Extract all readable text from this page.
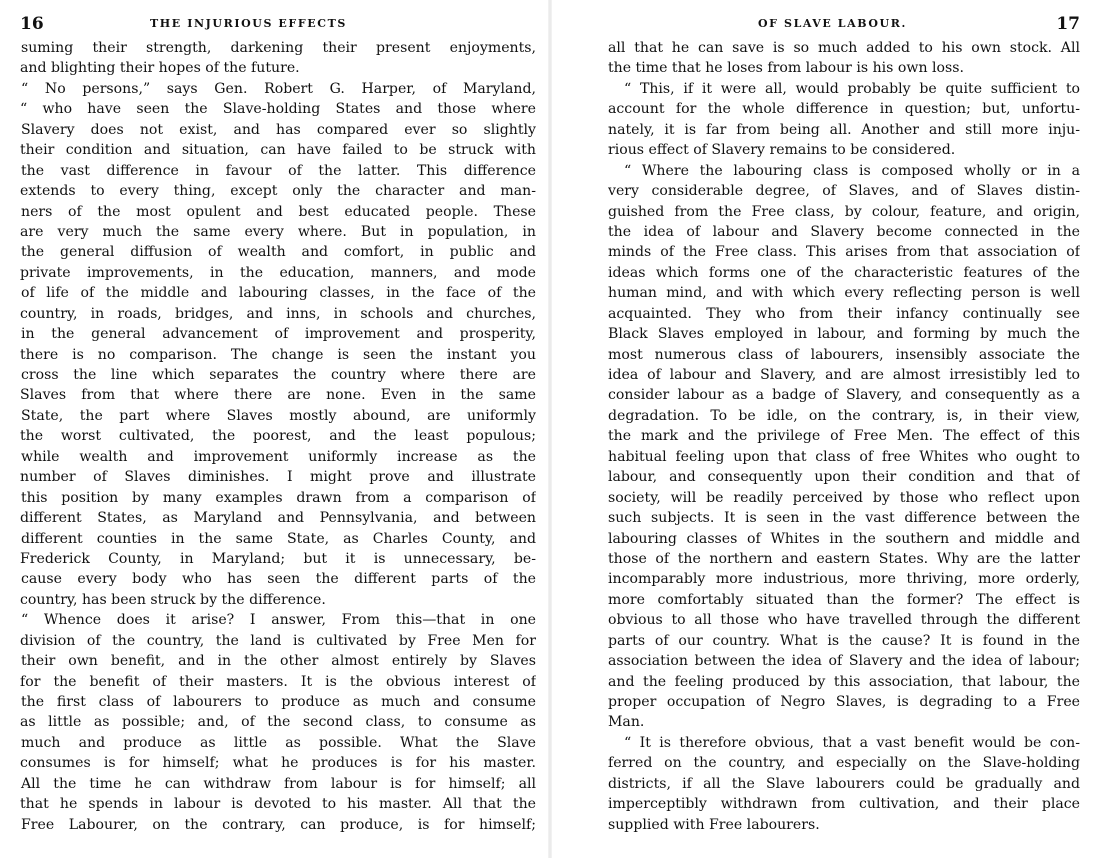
16	THE INJURIOUS EFFECTS
suming their strength, darkening their present enjoyments,
and blighting their hopes of the future.
“ No persons,” says Gen. Robert G. Harper, of Maryland,
“ who have seen the Slave-holding States and those where
Slavery does not exist, and has compared ever so slightly
their condition and situation, can have failed to be struck with
the vast difference in favour of the latter. This difference
extends to every thing, except only the character and man-
ners of the most opulent and best educated people. These
are very much the same every where. But in population, in
the general diffusion of wealth and comfort, in public and
private improvements, in the education, manners, and mode
of life of the middle and labouring classes, in the face of the
country, in roads, bridges, and inns, in schools and churches,
in the general advancement of improvement and prosperity,
there is no comparison. The change is seen the instant you
cross the line which separates the country where there are
Slaves from that where there are none. Even in the same
State, the part where Slaves mostly abound, are uniformly
the worst cultivated, the poorest, and the least populous;
while wealth and improvement uniformly increase as the
number of Slaves diminishes. I might prove and illustrate
this position by many examples drawn from a comparison of
different States, as Maryland and Pennsylvania, and between
different counties in the same State, as Charles County, and
Frederick County, in Maryland; but it is unnecessary, be-
cause every body who has seen the different parts of the
country, has been struck by the difference.
“ Whence does it arise? I answer, From this—that in one
division of the country, the land is cultivated by Free Men for
their own benefit, and in the other almost entirely by Slaves
for the benefit of their masters. It is the obvious interest of
the first class of labourers to produce as much and consume
as little as possible; and, of the second class, to consume as
much and produce as little as possible. What the Slave
consumes is for himself; what he produces is for his master.
All the time he can withdraw from labour is for himself; all
that he spends in labour is devoted to his master. All that the
Free Labourer, on the contrary, can produce, is for himself;
OF SLAVE LABOUR.	17
all that he can save is so much added to his own stock. All
the time that he loses from labour is his own loss.
“ This, if it were all, would probably be quite sufficient to
account for the whole difference in question; but, unfortu-
nately, it is far from being all. Another and still more inju-
rious effect of Slavery remains to be considered.
“ Where the labouring class is composed wholly or in a
very considerable degree, of Slaves, and of Slaves distin-
guished from the Free class, by colour, feature, and origin,
the idea of labour and Slavery become connected in the
minds of the Free class. This arises from that association of
ideas which forms one of the characteristic features of the
human mind, and with which every reflecting person is well
acquainted. They who from their infancy continually see
Black Slaves employed in labour, and forming by much the
most numerous class of labourers, insensibly associate the
idea of labour and Slavery, and are almost irresistibly led to
consider labour as a badge of Slavery, and consequently as a
degradation. To be idle, on the contrary, is, in their view,
the mark and the privilege of Free Men. The effect of this
habitual feeling upon that class of free Whites who ought to
labour, and consequently upon their condition and that of
society, will be readily perceived by those who reflect upon
such subjects. It is seen in the vast difference between the
labouring classes of Whites in the southern and middle and
those of the northern and eastern States. Why are the latter
incomparably more industrious, more thriving, more orderly,
more comfortably situated than the former? The effect is
obvious to all those who have travelled through the different
parts of our country. What is the cause? It is found in the
association between the idea of Slavery and the idea of labour;
and the feeling produced by this association, that labour, the
proper occupation of Negro Slaves, is degrading to a Free
Man.
“ It is therefore obvious, that a vast benefit would be con-
ferred on the country, and especially on the Slave-holding
districts, if all the Slave labourers could be gradually and
imperceptibly withdrawn from cultivation, and their place
supplied with Free labourers.
